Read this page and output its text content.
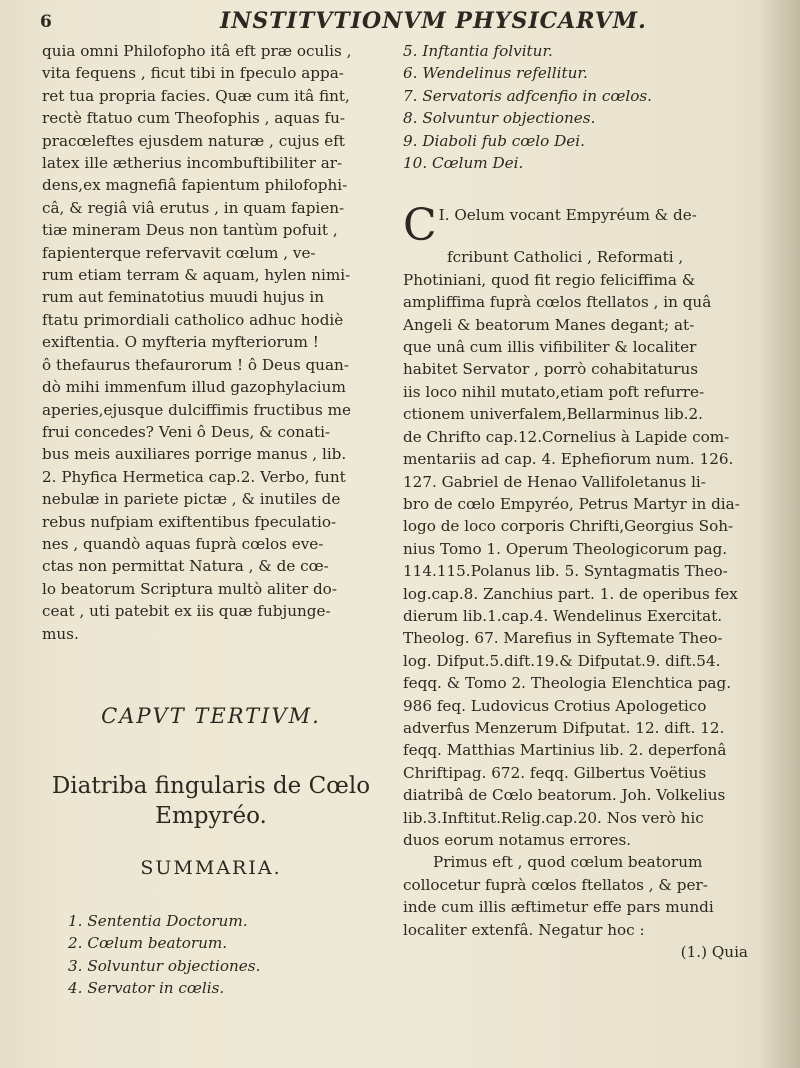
6	INSTITVTIONVM PHYSICARVM.
quia omni Philofopho itâ eft præ oculis ,
vita fequens , ficut tibi in fpeculo appa-
ret tua propria facies. Quæ cum itâ fint,
rectè ftatuo cum Theofophis , aquas fu-
pracœleftes ejusdem naturæ , cujus eft
latex ille ætherius incombuftibiliter ar-
dens,ex magnefiâ fapientum philofophi-
câ, & regiâ viâ erutus , in quam fapien-
tiæ mineram Deus non tantùm pofuit ,
fapienterque refervavit cœlum , ve-
rum etiam terram & aquam, hylen nimi-
rum aut feminatotius muudi hujus in
ftatu primordiali catholico adhuc hodiè
exiftentia. O myfteria myfteriorum !
ô thefaurus thefaurorum ! ô Deus quan-
dò mihi immenfum illud gazophylacium
aperies,ejusque dulciffimis fructibus me
frui concedes? Veni ô Deus, & conati-
bus meis auxiliares porrige manus , lib.
2. Phyfica Hermetica cap.2. Verbo, funt
nebulæ in pariete pictæ , & inutiles de
rebus nufpiam exiftentibus fpeculatio-
nes , quandò aquas fuprà cœlos eve-
ctas non permittat Natura , & de cœ-
lo beatorum Scriptura multò aliter do-
ceat , uti patebit ex iis quæ fubjunge-
mus.
CAPVT TERTIVM.
Diatriba fingularis de Cœlo
Empyréo.
SUMMARIA.
1. Sententia Doctorum.
2. Cœlum beatorum.
3. Solvuntur objectiones.
4. Servator in cœlis.
5. Inftantia folvitur.
6. Wendelinus refellitur.
7. Servatoris adfcenfio in cœlos.
8. Solvuntur objectiones.
9. Diaboli fub cœlo Dei.
10. Cœlum Dei.
I.
C Oelum vocant Empyréum & de-
fcribunt Catholici , Reformati ,
Photiniani, quod fit regio feliciffima &
ampliffima fuprà cœlos ftellatos , in quâ
Angeli & beatorum Manes degant; at-
que unâ cum illis vifibiliter & localiter
habitet Servator , porrò cohabitaturus
iis loco nihil mutato,etiam poft refurre-
ctionem univerfalem,Bellarminus lib.2.
de Chrifto cap.12.Cornelius à Lapide com-
mentariis ad cap. 4. Ephefiorum num. 126.
127. Gabriel de Henao Vallifoletanus li-
bro de cœlo Empyréo, Petrus Martyr in dia-
logo de loco corporis Chrifti,Georgius Soh-
nius Tomo 1. Operum Theologicorum pag.
114.115.Polanus lib. 5. Syntagmatis Theo-
log.cap.8. Zanchius part. 1. de operibus fex
dierum lib.1.cap.4. Wendelinus Exercitat.
Theolog. 67. Marefius in Syftemate Theo-
log. Difput.5.dift.19.& Difputat.9. dift.54.
feqq. & Tomo 2. Theologia Elenchtica pag.
986 feq. Ludovicus Crotius Apologetico
adverfus Menzerum Difputat. 12. dift. 12.
feqq. Matthias Martinius lib. 2. deperfonâ
Chriftipag. 672. feqq. Gilbertus Voëtius
diatribâ de Cœlo beatorum. Joh. Volkelius
lib.3.Inftitut.Relig.cap.20. Nos verò hic
duos eorum notamus errores.
Primus eft , quod cœlum beatorum
collocetur fuprà cœlos ftellatos , & per-
inde cum illis æftimetur effe pars mundi
localiter extenfâ. Negatur hoc :
(1.) Quia
